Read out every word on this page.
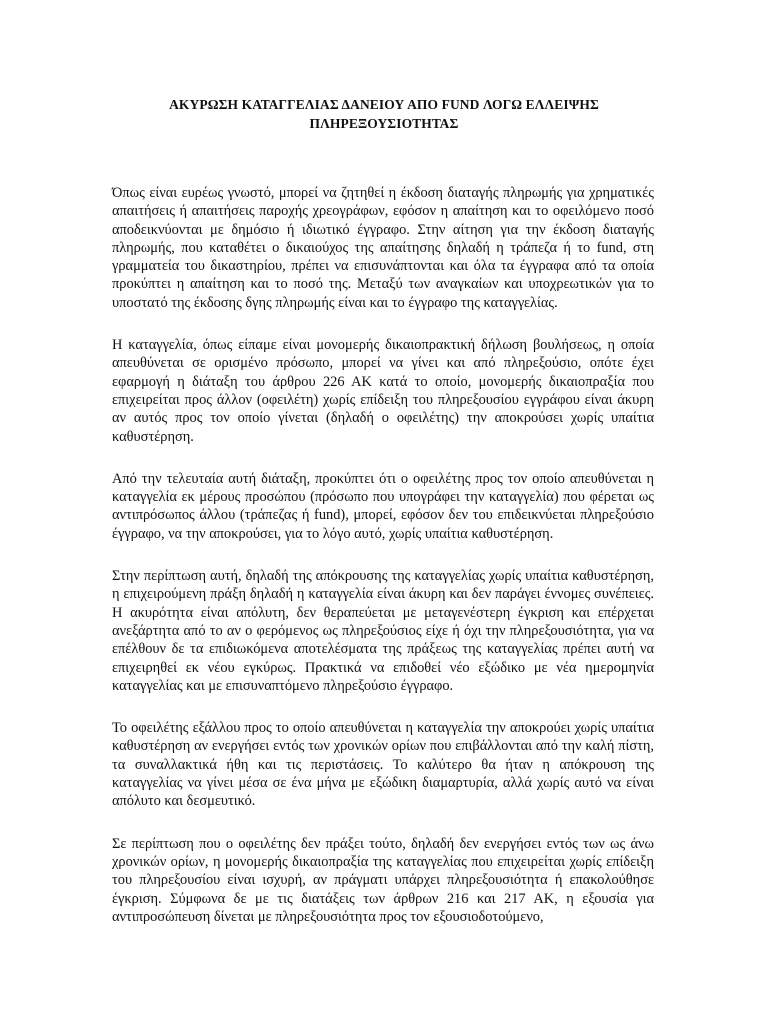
ΑΚΥΡΩΣΗ ΚΑΤΑΓΓΕΛΙΑΣ ΔΑΝΕΙΟΥ ΑΠΟ FUND ΛΟΓΩ ΕΛΛΕΙΨΗΣ
ΠΛΗΡΕΞΟΥΣΙΟΤΗΤΑΣ

Όπως είναι ευρέως γνωστό, μπορεί να ζητηθεί η έκδοση διαταγής πληρωμής για χρηματικές απαιτήσεις ή απαιτήσεις παροχής χρεογράφων, εφόσον η απαίτηση και το οφειλόμενο ποσό αποδεικνύονται με δημόσιο ή ιδιωτικό έγγραφο. Στην αίτηση για την έκδοση διαταγής πληρωμής, που καταθέτει ο δικαιούχος της απαίτησης δηλαδή η τράπεζα ή το fund, στη γραμματεία του δικαστηρίου, πρέπει να επισυνάπτονται και όλα τα έγγραφα από τα οποία προκύπτει η απαίτηση και το ποσό της. Μεταξύ των αναγκαίων και υποχρεωτικών για το υποστατό της έκδοσης δγης πληρωμής είναι και το έγγραφο της καταγγελίας.

Η καταγγελία, όπως είπαμε είναι μονομερής δικαιοπρακτική δήλωση βουλήσεως, η οποία απευθύνεται σε ορισμένο πρόσωπο, μπορεί να γίνει και από πληρεξούσιο, οπότε έχει εφαρμογή η διάταξη του άρθρου 226 ΑΚ κατά το οποίο, μονομερής δικαιοπραξία που επιχειρείται προς άλλον (οφειλέτη) χωρίς επίδειξη του πληρεξουσίου εγγράφου είναι άκυρη αν αυτός προς τον οποίο γίνεται (δηλαδή ο οφειλέτης) την αποκρούσει χωρίς υπαίτια καθυστέρηση.

Από την τελευταία αυτή διάταξη, προκύπτει ότι ο οφειλέτης προς τον οποίο απευθύνεται η καταγγελία εκ μέρους προσώπου (πρόσωπο που υπογράφει την καταγγελία) που φέρεται ως αντιπρόσωπος άλλου (τράπεζας ή fund), μπορεί, εφόσον δεν του επιδεικνύεται πληρεξούσιο έγγραφο, να την αποκρούσει, για το λόγο αυτό, χωρίς υπαίτια καθυστέρηση.

Στην περίπτωση αυτή, δηλαδή της απόκρουσης της καταγγελίας χωρίς υπαίτια καθυστέρηση, η επιχειρούμενη πράξη δηλαδή η καταγγελία είναι άκυρη και δεν παράγει έννομες συνέπειες. Η ακυρότητα είναι απόλυτη, δεν θεραπεύεται με μεταγενέστερη έγκριση και επέρχεται ανεξάρτητα από το αν ο φερόμενος ως πληρεξούσιος είχε ή όχι την πληρεξουσιότητα, για να επέλθουν δε τα επιδιωκόμενα αποτελέσματα της πράξεως της καταγγελίας πρέπει αυτή να επιχειρηθεί εκ νέου εγκύρως. Πρακτικά να επιδοθεί νέο εξώδικο με νέα ημερομηνία καταγγελίας και με επισυναπτόμενο πληρεξούσιο έγγραφο.

Το οφειλέτης εξάλλου προς το οποίο απευθύνεται η καταγγελία την αποκρούει χωρίς υπαίτια καθυστέρηση αν ενεργήσει εντός των χρονικών ορίων που επιβάλλονται από την καλή πίστη, τα συναλλακτικά ήθη και τις περιστάσεις. Το καλύτερο θα ήταν η απόκρουση της καταγγελίας να γίνει μέσα σε ένα μήνα με εξώδικη διαμαρτυρία, αλλά χωρίς αυτό να είναι απόλυτο και δεσμευτικό.

Σε περίπτωση που ο οφειλέτης δεν πράξει τούτο, δηλαδή δεν ενεργήσει εντός των ως άνω χρονικών ορίων, η μονομερής δικαιοπραξία της καταγγελίας που επιχειρείται χωρίς επίδειξη του πληρεξουσίου είναι ισχυρή, αν πράγματι υπάρχει πληρεξουσιότητα ή επακολούθησε έγκριση. Σύμφωνα δε με τις διατάξεις των άρθρων 216 και 217 ΑΚ, η εξουσία για αντιπροσώπευση δίνεται με πληρεξουσιότητα προς τον εξουσιοδοτούμενο,
